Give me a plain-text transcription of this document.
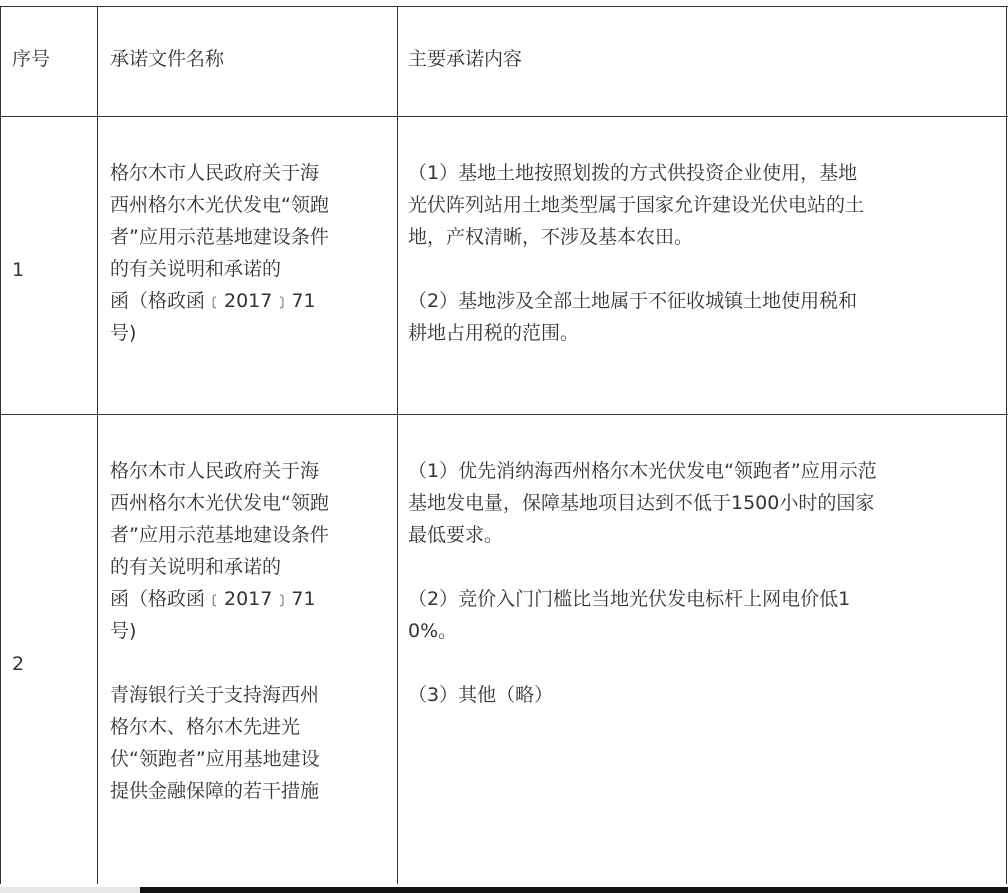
序号	承诺文件名称	主要承诺内容
1

格尔木市人民政府关于海

西州格尔木光伏发电“领跑

者”应用示范基地建设条件

的有关说明和承诺的

函（格政函﹝2017﹞71

号)

（1）基地土地按照划拨的方式供投资企业使用，基地

光伏阵列站用土地类型属于国家允许建设光伏电站的土

地，产权清晰，不涉及基本农田。

（2）基地涉及全部土地属于不征收城镇土地使用税和

耕地占用税的范围。

2

格尔木市人民政府关于海

西州格尔木光伏发电“领跑

者”应用示范基地建设条件

的有关说明和承诺的

函（格政函﹝2017﹞71

号)

青海银行关于支持海西州

格尔木、格尔木先进光

伏“领跑者”应用基地建设

提供金融保障的若干措施

（1）优先消纳海西州格尔木光伏发电“领跑者”应用示范

基地发电量，保障基地项目达到不低于1500小时的国家

最低要求。

（2）竞价入门门槛比当地光伏发电标杆上网电价低1

0%。

（3）其他（略）
